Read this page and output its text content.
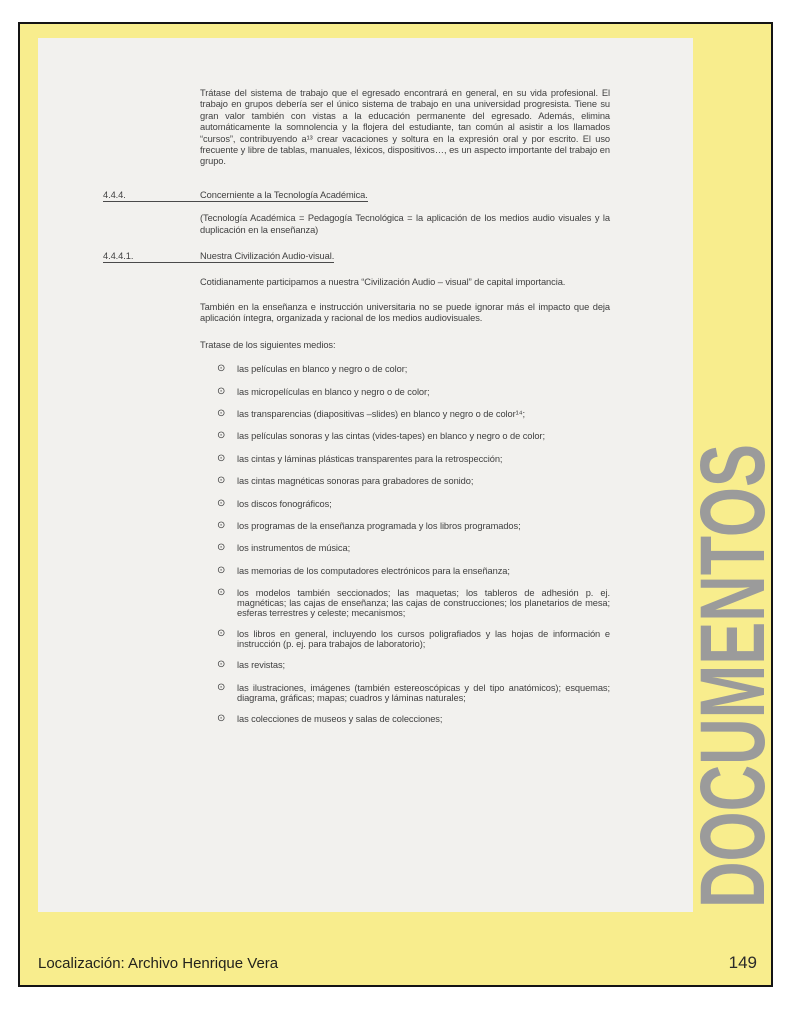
Trátase del sistema de trabajo que el egresado encontrará en general, en su vida profesional. El trabajo en grupos debería ser el único sistema de trabajo en una universidad progresista. Tiene su gran valor también con vistas a la educación permanente del egresado. Además, elimina automáticamente la somnolencia y la flojera del estudiante, tan común al asistir a los llamados “cursos”, contribuyendo a¹³ crear vacaciones y soltura en la expresión oral y por escrito. El uso frecuente y libre de tablas, manuales, léxicos, dispositivos…, es un aspecto importante del trabajo en grupo.

4.4.4.	Concerniente a la Tecnología Académica.

(Tecnología Académica = Pedagogía Tecnológica = la aplicación de los medios audio visuales y la duplicación en la enseñanza)

4.4.4.1.	Nuestra Civilización Audio-visual.

Cotidianamente participamos a nuestra “Civilización Audio – visual” de capital importancia.

También en la enseñanza e instrucción universitaria no se puede ignorar más el impacto que deja aplicación íntegra, organizada y racional de los medios audiovisuales.

Tratase de los siguientes medios:

⊙ las películas en blanco y negro o de color;
⊙ las micropelículas en blanco y negro o de color;
⊙ las transparencias (diapositivas –slides) en blanco y negro o de color¹⁴;
⊙ las películas sonoras y las cintas (vides-tapes) en blanco y negro o de color;
⊙ las cintas y láminas plásticas transparentes para la retrospección;
⊙ las cintas magnéticas sonoras para grabadores de sonido;
⊙ los discos fonográficos;
⊙ los programas de la enseñanza programada y los libros programados;
⊙ los instrumentos de música;
⊙ las memorias de los computadores electrónicos para la enseñanza;
⊙ los modelos también seccionados; las maquetas; los tableros de adhesión p. ej. magnéticas; las cajas de enseñanza; las cajas de construcciones; los planetarios de mesa; esferas terrestres y celeste; mecanismos;
⊙ los libros en general, incluyendo los cursos poligrafiados y las hojas de información e instrucción (p. ej. para trabajos de laboratorio);
⊙ las revistas;
⊙ las ilustraciones, imágenes (también estereoscópicas y del tipo anatómicos); esquemas; diagrama, gráficas; mapas; cuadros y láminas naturales;
⊙ las colecciones de museos y salas de colecciones;	DOCUMENTOS
Localización: Archivo Henrique Vera	149
